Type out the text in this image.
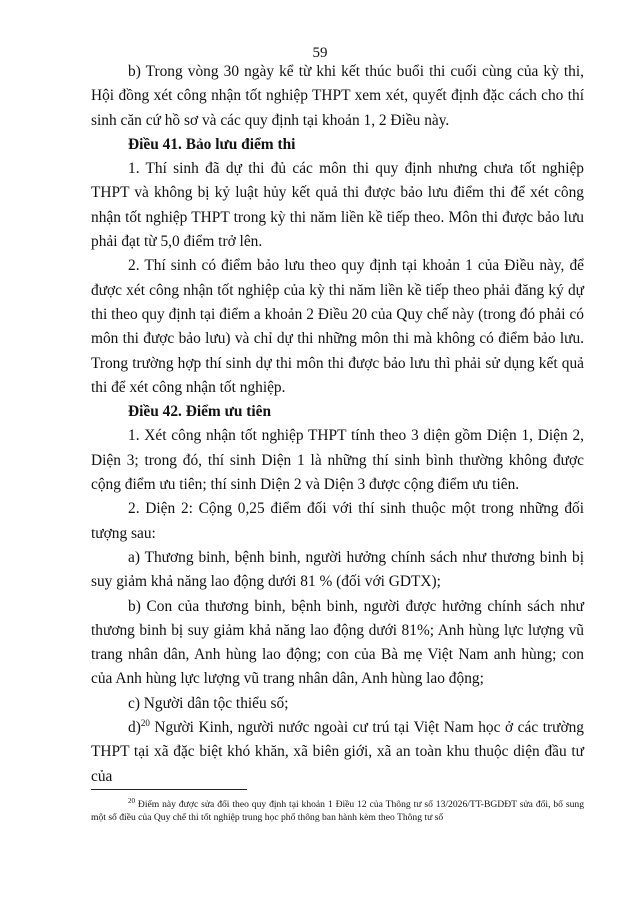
59

b) Trong vòng 30 ngày kể từ khi kết thúc buổi thi cuối cùng của kỳ thi, Hội đồng xét công nhận tốt nghiệp THPT xem xét, quyết định đặc cách cho thí sinh căn cứ hồ sơ và các quy định tại khoản 1, 2 Điều này.

Điều 41. Bảo lưu điểm thi

1. Thí sinh đã dự thi đủ các môn thi quy định nhưng chưa tốt nghiệp THPT và không bị kỷ luật hủy kết quả thi được bảo lưu điểm thi để xét công nhận tốt nghiệp THPT trong kỳ thi năm liền kề tiếp theo. Môn thi được bảo lưu phải đạt từ 5,0 điểm trở lên.

2. Thí sinh có điểm bảo lưu theo quy định tại khoản 1 của Điều này, để được xét công nhận tốt nghiệp của kỳ thi năm liền kề tiếp theo phải đăng ký dự thi theo quy định tại điểm a khoản 2 Điều 20 của Quy chế này (trong đó phải có môn thi được bảo lưu) và chỉ dự thi những môn thi mà không có điểm bảo lưu. Trong trường hợp thí sinh dự thi môn thi được bảo lưu thì phải sử dụng kết quả thi để xét công nhận tốt nghiệp.

Điều 42. Điểm ưu tiên

1. Xét công nhận tốt nghiệp THPT tính theo 3 diện gồm Diện 1, Diện 2, Diện 3; trong đó, thí sinh Diện 1 là những thí sinh bình thường không được cộng điểm ưu tiên; thí sinh Diện 2 và Diện 3 được cộng điểm ưu tiên.

2. Diện 2: Cộng 0,25 điểm đối với thí sinh thuộc một trong những đối tượng sau:

a) Thương binh, bệnh binh, người hưởng chính sách như thương binh bị suy giảm khả năng lao động dưới 81 % (đối với GDTX);

b) Con của thương binh, bệnh binh, người được hưởng chính sách như thương binh bị suy giảm khả năng lao động dưới 81%; Anh hùng lực lượng vũ trang nhân dân, Anh hùng lao động; con của Bà mẹ Việt Nam anh hùng; con của Anh hùng lực lượng vũ trang nhân dân, Anh hùng lao động;

c) Người dân tộc thiểu số;

d)$^{20}$ Người Kinh, người nước ngoài cư trú tại Việt Nam học ở các trường THPT tại xã đặc biệt khó khăn, xã biên giới, xã an toàn khu thuộc diện đầu tư của

$^{20}$ Điểm này được sửa đổi theo quy định tại khoản 1 Điều 12 của Thông tư số 13/2026/TT-BGDĐT sửa đổi, bổ sung một số điều của Quy chế thi tốt nghiệp trung học phổ thông ban hành kèm theo Thông tư số
